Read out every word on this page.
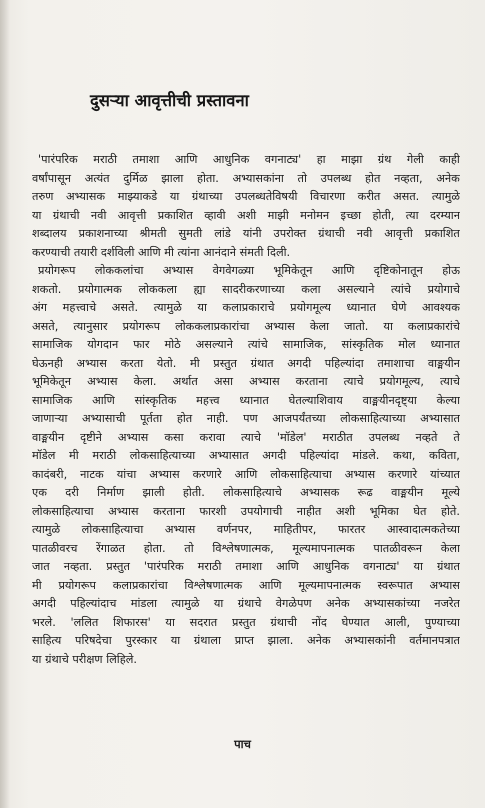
दुसऱ्या आवृत्तीची प्रस्तावना
'पारंपरिक मराठी तमाशा आणि आधुनिक वगनाट्य' हा माझा ग्रंथ गेली काही
वर्षांपासून अत्यंत दुर्मिळ झाला होता. अभ्यासकांना तो उपलब्ध होत नव्हता, अनेक
तरुण अभ्यासक माझ्याकडे या ग्रंथाच्या उपलब्धतेविषयी विचारणा करीत असत. त्यामुळे
या ग्रंथाची नवी आवृत्ती प्रकाशित व्हावी अशी माझी मनोमन इच्छा होती, त्या दरम्यान
शब्दालय प्रकाशनाच्या श्रीमती सुमती लांडे यांनी उपरोक्त ग्रंथाची नवी आवृत्ती प्रकाशित
करण्याची तयारी दर्शविली आणि मी त्यांना आनंदाने संमती दिली.
प्रयोगरूप लोककलांचा अभ्यास वेगवेगळ्या भूमिकेतून आणि दृष्टिकोनातून होऊ
शकतो. प्रयोगात्मक लोककला ह्या सादरीकरणाच्या कला असल्याने त्यांचे प्रयोगाचे
अंग महत्त्वाचे असते. त्यामुळे या कलाप्रकाराचे प्रयोगमूल्य ध्यानात घेणे आवश्यक
असते, त्यानुसार प्रयोगरूप लोककलाप्रकारांचा अभ्यास केला जातो. या कलाप्रकारांचे
सामाजिक योगदान फार मोठे असल्याने त्यांचे सामाजिक, सांस्कृतिक मोल ध्यानात
घेऊनही अभ्यास करता येतो. मी प्रस्तुत ग्रंथात अगदी पहिल्यांदा तमाशाचा वाङ्मयीन
भूमिकेतून अभ्यास केला. अर्थात असा अभ्यास करताना त्याचे प्रयोगमूल्य, त्याचे
सामाजिक आणि सांस्कृतिक महत्त्व ध्यानात घेतल्याशिवाय वाङ्मयीनदृष्ट्या केल्या
जाणाऱ्या अभ्यासाची पूर्तता होत नाही. पण आजपर्यंतच्या लोकसाहित्याच्या अभ्यासात
वाङ्मयीन दृष्टीने अभ्यास कसा करावा त्याचे 'मॉडेल' मराठीत उपलब्ध नव्हते ते
मॉडेल मी मराठी लोकसाहित्याच्या अभ्यासात अगदी पहिल्यांदा मांडले. कथा, कविता,
कादंबरी, नाटक यांचा अभ्यास करणारे आणि लोकसाहित्याचा अभ्यास करणारे यांच्यात
एक दरी निर्माण झाली होती. लोकसाहित्याचे अभ्यासक रूढ वाङ्मयीन मूल्ये
लोकसाहित्याचा अभ्यास करताना फारशी उपयोगाची नाहीत अशी भूमिका घेत होते.
त्यामुळे लोकसाहित्याचा अभ्यास वर्णनपर, माहितीपर, फारतर आस्वादात्मकतेच्या
पातळीवरच रेंगाळत होता. तो विश्लेषणात्मक, मूल्यमापनात्मक पातळीवरून केला
जात नव्हता. प्रस्तुत 'पारंपरिक मराठी तमाशा आणि आधुनिक वगनाट्य' या ग्रंथात
मी प्रयोगरूप कलाप्रकारांचा विश्लेषणात्मक आणि मूल्यमापनात्मक स्वरूपात अभ्यास
अगदी पहिल्यांदाच मांडला त्यामुळे या ग्रंथाचे वेगळेपण अनेक अभ्यासकांच्या नजरेत
भरले. 'ललित शिफारस' या सदरात प्रस्तुत ग्रंथाची नोंद घेण्यात आली, पुण्याच्या
साहित्य परिषदेचा पुरस्कार या ग्रंथाला प्राप्त झाला. अनेक अभ्यासकांनी वर्तमानपत्रात
या ग्रंथाचे परीक्षण लिहिले.
पाच
